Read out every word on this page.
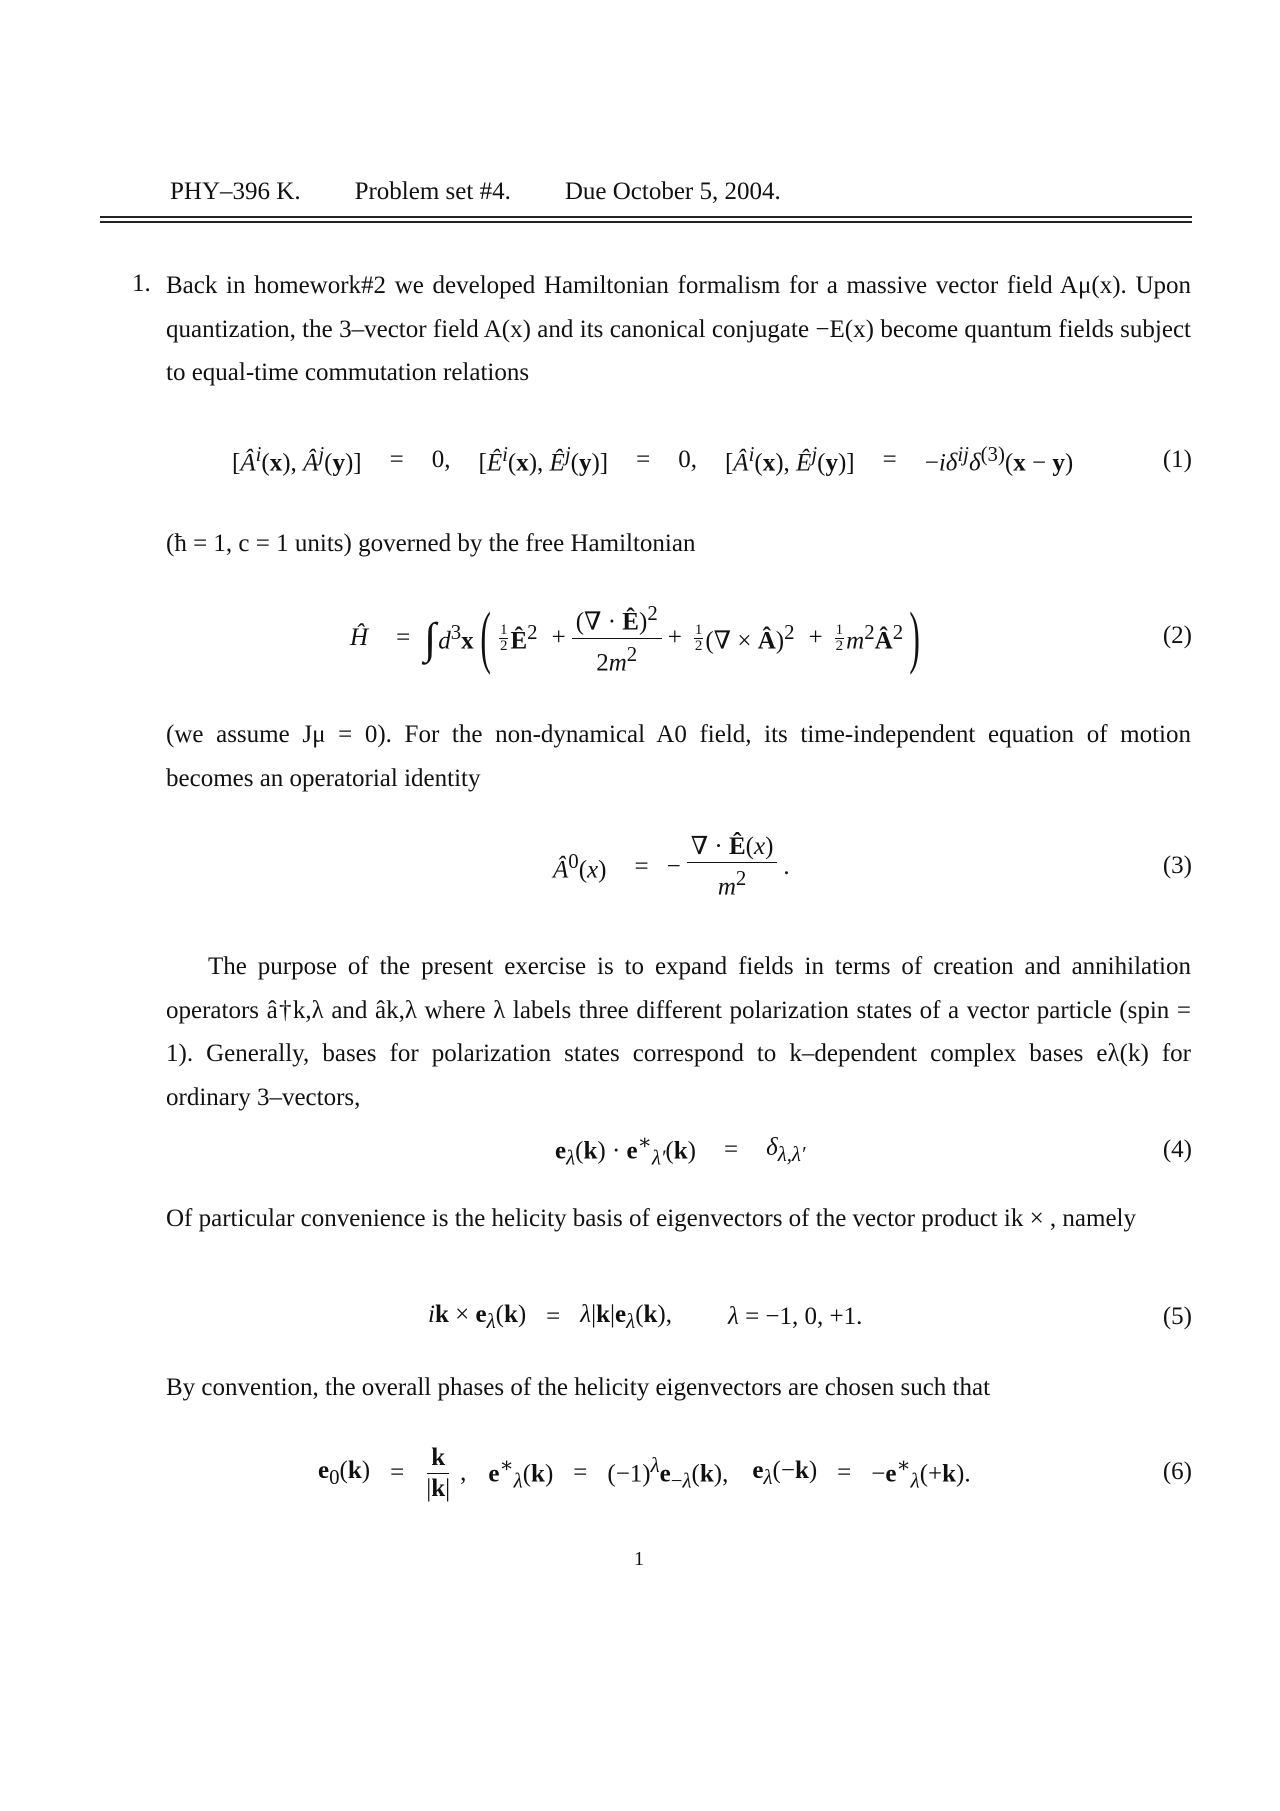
PHY–396 K. Problem set #4. Due October 5, 2004.
1. Back in homework#2 we developed Hamiltonian formalism for a massive vector field Aμ(x). Upon quantization, the 3–vector field A(x) and its canonical conjugate −E(x) become quantum fields subject to equal-time commutation relations
[$Â^i(x)$, $Â^j(y)] = 0$, [$Ê^i(x)$, $Ê^j(y)] = 0$, [$Â^i(x)$, $Ê^j(y)] = -i\delta^{ij}\delta^{(3)}(x - y)$	(1)
(ħ = 1, c = 1 units) governed by the free Hamiltonian
Ĥ = ∫ $d^3x$ ( 1
2 $Ê^2 + \frac{(\nabla \cdot Ê)^2}{2m^2} + 1$
2 (∇ × Â)$^2$ + 1
2 $m^2Â^2$ )	(2)
(we assume Jμ = 0). For the non-dynamical A0 field, its time-independent equation of motion becomes an operatorial identity
$Â^0(x)$ = − $\frac{\nabla \cdot Ê(x)}{m^2}$ .	(3)
The purpose of the present exercise is to expand fields in terms of creation and annihilation operators â†k,λ and âk,λ where λ labels three different polarization states of a vector particle (spin = 1). Generally, bases for polarization states correspond to k–dependent complex bases eλ(k) for ordinary 3–vectors,
$e_\lambda(k) \cdot e^∗_{\lambda'}(k) = \delta_{\lambda,\lambda'}$	(4)
Of particular convenience is the helicity basis of eigenvectors of the vector product ik × , namely
ik × $e_\lambda(k) = \lambda|k|e_\lambda(k)$, λ = −1, 0, +1.	(5)
By convention, the overall phases of the helicity eigenvectors are chosen such that
$e_0(k) = \frac{k}{|k|}$ , $e^∗_\lambda(k) = (-1)^\lambda e_{-\lambda}(k)$, $e_\lambda(-k) = -e^∗_\lambda(+k)$.	(6)
1
